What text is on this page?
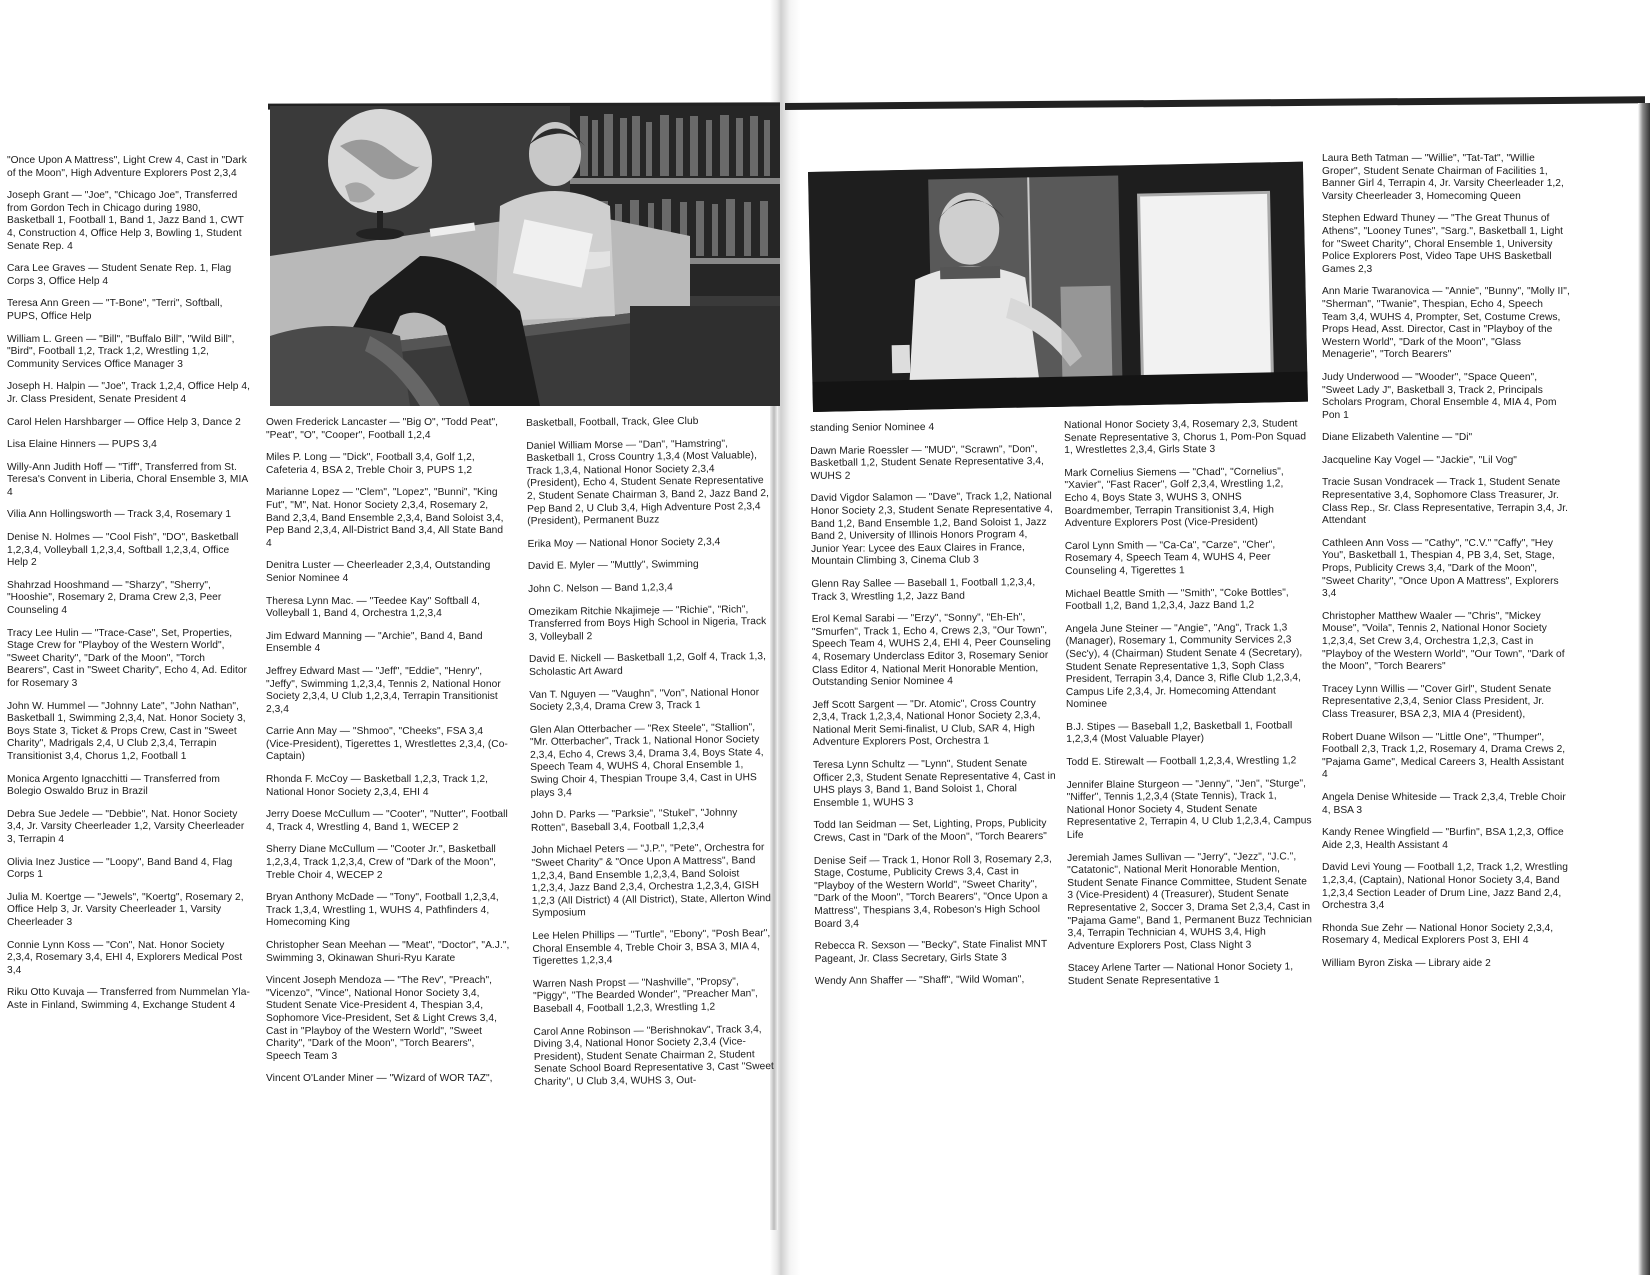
"Once Upon A Mattress", Light Crew 4, Cast in "Dark of the Moon", High Adventure Explorers Post 2,3,4

Joseph Grant — "Joe", "Chicago Joe", Transferred from Gordon Tech in Chicago during 1980, Basketball 1, Football 1, Band 1, Jazz Band 1, CWT 4, Construction 4, Office Help 3, Bowling 1, Student Senate Rep. 4

Cara Lee Graves — Student Senate Rep. 1, Flag Corps 3, Office Help 4

Teresa Ann Green — "T-Bone", "Terri", Softball, PUPS, Office Help

William L. Green — "Bill", "Buffalo Bill", "Wild Bill", "Bird", Football 1,2, Track 1,2, Wrestling 1,2, Community Services Office Manager 3

Joseph H. Halpin — "Joe", Track 1,2,4, Office Help 4, Jr. Class President, Senate President 4

Carol Helen Harshbarger — Office Help 3, Dance 2

Lisa Elaine Hinners — PUPS 3,4

Willy-Ann Judith Hoff — "Tiff", Transferred from St. Teresa's Convent in Liberia, Choral Ensemble 3, MIA 4

Vilia Ann Hollingsworth — Track 3,4, Rosemary 1

Denise N. Holmes — "Cool Fish", "DO", Basketball 1,2,3,4, Volleyball 1,2,3,4, Softball 1,2,3,4, Office Help 2

Shahrzad Hooshmand — "Sharzy", "Sherry", "Hooshie", Rosemary 2, Drama Crew 2,3, Peer Counseling 4

Tracy Lee Hulin — "Trace-Case", Set, Properties, Stage Crew for "Playboy of the Western World", "Sweet Charity", "Dark of the Moon", "Torch Bearers", Cast in "Sweet Charity", Echo 4, Ad. Editor for Rosemary 3

John W. Hummel — "Johnny Late", "John Nathan", Basketball 1, Swimming 2,3,4, Nat. Honor Society 3, Boys State 3, Ticket & Props Crew, Cast in "Sweet Charity", Madrigals 2,4, U Club 2,3,4, Terrapin Transitionist 3,4, Chorus 1,2, Football 1

Monica Argento Ignacchitti — Transferred from Bolegio Oswaldo Bruz in Brazil

Debra Sue Jedele — "Debbie", Nat. Honor Society 3,4, Jr. Varsity Cheerleader 1,2, Varsity Cheerleader 3, Terrapin 4

Olivia Inez Justice — "Loopy", Band Band 4, Flag Corps 1

Julia M. Koertge — "Jewels", "Koertg", Rosemary 2, Office Help 3, Jr. Varsity Cheerleader 1, Varsity Cheerleader 3

Connie Lynn Koss — "Con", Nat. Honor Society 2,3,4, Rosemary 3,4, EHI 4, Explorers Medical Post 3,4

Riku Otto Kuvaja — Transferred from Nummelan Yla-Aste in Finland, Swimming 4, Exchange Student 4

Owen Frederick Lancaster — "Big O", "Todd Peat", "Peat", "O", "Cooper", Football 1,2,4

Miles P. Long — "Dick", Football 3,4, Golf 1,2, Cafeteria 4, BSA 2, Treble Choir 3, PUPS 1,2

Marianne Lopez — "Clem", "Lopez", "Bunni", "King Fut", "M", Nat. Honor Society 2,3,4, Rosemary 2, Band 2,3,4, Band Ensemble 2,3,4, Band Soloist 3,4, Pep Band 2,3,4, All-District Band 3,4, All State Band 4

Denitra Luster — Cheerleader 2,3,4, Outstanding Senior Nominee 4

Theresa Lynn Mac. — "Teedee Kay" Softball 4, Volleyball 1, Band 4, Orchestra 1,2,3,4

Jim Edward Manning — "Archie", Band 4, Band Ensemble 4

Jeffrey Edward Mast — "Jeff", "Eddie", "Henry", "Jeffy", Swimming 1,2,3,4, Tennis 2, National Honor Society 2,3,4, U Club 1,2,3,4, Terrapin Transitionist 2,3,4

Carrie Ann May — "Shmoo", "Cheeks", FSA 3,4 (Vice-President), Tigerettes 1, Wrestlettes 2,3,4, (Co-Captain)

Rhonda F. McCoy — Basketball 1,2,3, Track 1,2, National Honor Society 2,3,4, EHI 4

Jerry Doese McCullum — "Cooter", "Nutter", Football 4, Track 4, Wrestling 4, Band 1, WECEP 2

Sherry Diane McCullum — "Cooter Jr.", Basketball 1,2,3,4, Track 1,2,3,4, Crew of "Dark of the Moon", Treble Choir 4, WECEP 2

Bryan Anthony McDade — "Tony", Football 1,2,3,4, Track 1,3,4, Wrestling 1, WUHS 4, Pathfinders 4, Homecoming King

Christopher Sean Meehan — "Meat", "Doctor", "A.J.", Swimming 3, Okinawan Shuri-Ryu Karate

Vincent Joseph Mendoza — "The Rev", "Preach", "Vicenzo", "Vince", National Honor Society 3,4, Student Senate Vice-President 4, Thespian 3,4, Sophomore Vice-President, Set & Light Crews 3,4, Cast in "Playboy of the Western World", "Sweet Charity", "Dark of the Moon", "Torch Bearers", Speech Team 3

Vincent O'Lander Miner — "Wizard of WOR TAZ",

Basketball, Football, Track, Glee Club

Daniel William Morse — "Dan", "Hamstring", Basketball 1, Cross Country 1,3,4 (Most Valuable), Track 1,3,4, National Honor Society 2,3,4 (President), Echo 4, Student Senate Representative 2, Student Senate Chairman 3, Band 2, Jazz Band 2, Pep Band 2, U Club 3,4, High Adventure Post 2,3,4 (President), Permanent Buzz

Erika Moy — National Honor Society 2,3,4

David E. Myler — "Muttly", Swimming

John C. Nelson — Band 1,2,3,4

Omezikam Ritchie Nkajimeje — "Richie", "Rich", Transferred from Boys High School in Nigeria, Track 3, Volleyball 2

David E. Nickell — Basketball 1,2, Golf 4, Track 1,3, Scholastic Art Award

Van T. Nguyen — "Vaughn", "Von", National Honor Society 2,3,4, Drama Crew 3, Track 1

Glen Alan Otterbacher — "Rex Steele", "Stallion", "Mr. Otterbacher", Track 1, National Honor Society 2,3,4, Echo 4, Crews 3,4, Drama 3,4, Boys State 4, Speech Team 4, WUHS 4, Choral Ensemble 1, Swing Choir 4, Thespian Troupe 3,4, Cast in UHS plays 3,4

John D. Parks — "Parksie", "Stukel", "Johnny Rotten", Baseball 3,4, Football 1,2,3,4

John Michael Peters — "J.P.", "Pete", Orchestra for "Sweet Charity" & "Once Upon A Mattress", Band 1,2,3,4, Band Ensemble 1,2,3,4, Band Soloist 1,2,3,4, Jazz Band 2,3,4, Orchestra 1,2,3,4, GISH 1,2,3 (All District) 4 (All District), State, Allerton Wind Symposium

Lee Helen Phillips — "Turtle", "Ebony", "Posh Bear", Choral Ensemble 4, Treble Choir 3, BSA 3, MIA 4, Tigerettes 1,2,3,4

Warren Nash Propst — "Nashville", "Propsy", "Piggy", "The Bearded Wonder", "Preacher Man", Baseball 4, Football 1,2,3, Wrestling 1,2

Carol Anne Robinson — "Berishnokav", Track 3,4, Diving 3,4, National Honor Society 2,3,4 (Vice-President), Student Senate Chairman 2, Student Senate School Board Representative 3, Cast "Sweet Charity", U Club 3,4, WUHS 3, Out-

standing Senior Nominee 4

Dawn Marie Roessler — "MUD", "Scrawn", "Don", Basketball 1,2, Student Senate Representative 3,4, WUHS 2

David Vigdor Salamon — "Dave", Track 1,2, National Honor Society 2,3, Student Senate Representative 4, Band 1,2, Band Ensemble 1,2, Band Soloist 1, Jazz Band 2, University of Illinois Honors Program 4, Junior Year: Lycee des Eaux Claires in France, Mountain Climbing 3, Cinema Club 3

Glenn Ray Sallee — Baseball 1, Football 1,2,3,4, Track 3, Wrestling 1,2, Jazz Band

Erol Kemal Sarabi — "Erzy", "Sonny", "Eh-Eh", "Smurfen", Track 1, Echo 4, Crews 2,3, "Our Town", Speech Team 4, WUHS 2,4, EHI 4, Peer Counseling 4, Rosemary Underclass Editor 3, Rosemary Senior Class Editor 4, National Merit Honorable Mention, Outstanding Senior Nominee 4

Jeff Scott Sargent — "Dr. Atomic", Cross Country 2,3,4, Track 1,2,3,4, National Honor Society 2,3,4, National Merit Semi-finalist, U Club, SAR 4, High Adventure Explorers Post, Orchestra 1

Teresa Lynn Schultz — "Lynn", Student Senate Officer 2,3, Student Senate Representative 4, Cast in UHS plays 3, Band 1, Band Soloist 1, Choral Ensemble 1, WUHS 3

Todd Ian Seidman — Set, Lighting, Props, Publicity Crews, Cast in "Dark of the Moon", "Torch Bearers"

Denise Seif — Track 1, Honor Roll 3, Rosemary 2,3, Stage, Costume, Publicity Crews 3,4, Cast in "Playboy of the Western World", "Sweet Charity", "Dark of the Moon", "Torch Bearers", "Once Upon a Mattress", Thespians 3,4, Robeson's High School Board 3,4

Rebecca R. Sexson — "Becky", State Finalist MNT Pageant, Jr. Class Secretary, Girls State 3

Wendy Ann Shaffer — "Shaff", "Wild Woman",

National Honor Society 3,4, Rosemary 2,3, Student Senate Representative 3, Chorus 1, Pom-Pon Squad 1, Wrestlettes 2,3,4, Girls State 3

Mark Cornelius Siemens — "Chad", "Cornelius", "Xavier", "Fast Racer", Golf 2,3,4, Wrestling 1,2, Echo 4, Boys State 3, WUHS 3, ONHS Boardmember, Terrapin Transitionist 3,4, High Adventure Explorers Post (Vice-President)

Carol Lynn Smith — "Ca-Ca", "Carze", "Cher", Rosemary 4, Speech Team 4, WUHS 4, Peer Counseling 4, Tigerettes 1

Michael Beattle Smith — "Smith", "Coke Bottles", Football 1,2, Band 1,2,3,4, Jazz Band 1,2

Angela June Steiner — "Angie", "Ang", Track 1,3 (Manager), Rosemary 1, Community Services 2,3 (Sec'y), 4 (Chairman) Student Senate 4 (Secretary), Student Senate Representative 1,3, Soph Class President, Terrapin 3,4, Dance 3, Rifle Club 1,2,3,4, Campus Life 2,3,4, Jr. Homecoming Attendant Nominee

B.J. Stipes — Baseball 1,2, Basketball 1, Football 1,2,3,4 (Most Valuable Player)

Todd E. Stirewalt — Football 1,2,3,4, Wrestling 1,2

Jennifer Blaine Sturgeon — "Jenny", "Jen", "Sturge", "Niffer", Tennis 1,2,3,4 (State Tennis), Track 1, National Honor Society 4, Student Senate Representative 2, Terrapin 4, U Club 1,2,3,4, Campus Life

Jeremiah James Sullivan — "Jerry", "Jezz", "J.C.", "Catatonic", National Merit Honorable Mention, Student Senate Finance Committee, Student Senate 3 (Vice-President) 4 (Treasurer), Student Senate Representative 2, Soccer 3, Drama Set 2,3,4, Cast in "Pajama Game", Band 1, Permanent Buzz Technician 3,4, Terrapin Technician 4, WUHS 3,4, High Adventure Explorers Post, Class Night 3

Stacey Arlene Tarter — National Honor Society 1, Student Senate Representative 1

Laura Beth Tatman — "Willie", "Tat-Tat", "Willie Groper", Student Senate Chairman of Facilities 1, Banner Girl 4, Terrapin 4, Jr. Varsity Cheerleader 1,2, Varsity Cheerleader 3, Homecoming Queen

Stephen Edward Thuney — "The Great Thunus of Athens", "Looney Tunes", "Sarg.", Basketball 1, Light for "Sweet Charity", Choral Ensemble 1, University Police Explorers Post, Video Tape UHS Basketball Games 2,3

Ann Marie Twaranovica — "Annie", "Bunny", "Molly II", "Sherman", "Twanie", Thespian, Echo 4, Speech Team 3,4, WUHS 4, Prompter, Set, Costume Crews, Props Head, Asst. Director, Cast in "Playboy of the Western World", "Dark of the Moon", "Glass Menagerie", "Torch Bearers"

Judy Underwood — "Wooder", "Space Queen", "Sweet Lady J", Basketball 3, Track 2, Principals Scholars Program, Choral Ensemble 4, MIA 4, Pom Pon 1

Diane Elizabeth Valentine — "Di"

Jacqueline Kay Vogel — "Jackie", "Lil Vog"

Tracie Susan Vondracek — Track 1, Student Senate Representative 3,4, Sophomore Class Treasurer, Jr. Class Rep., Sr. Class Representative, Terrapin 3,4, Jr. Attendant

Cathleen Ann Voss — "Cathy", "C.V." "Caffy", "Hey You", Basketball 1, Thespian 4, PB 3,4, Set, Stage, Props, Publicity Crews 3,4, "Dark of the Moon", "Sweet Charity", "Once Upon A Mattress", Explorers 3,4

Christopher Matthew Waaler — "Chris", "Mickey Mouse", "Voila", Tennis 2, National Honor Society 1,2,3,4, Set Crew 3,4, Orchestra 1,2,3, Cast in "Playboy of the Western World", "Our Town", "Dark of the Moon", "Torch Bearers"

Tracey Lynn Willis — "Cover Girl", Student Senate Representative 2,3,4, Senior Class President, Jr. Class Treasurer, BSA 2,3, MIA 4 (President),

Robert Duane Wilson — "Little One", "Thumper", Football 2,3, Track 1,2, Rosemary 4, Drama Crews 2, "Pajama Game", Medical Careers 3, Health Assistant 4

Angela Denise Whiteside — Track 2,3,4, Treble Choir 4, BSA 3

Kandy Renee Wingfield — "Burfin", BSA 1,2,3, Office Aide 2,3, Health Assistant 4

David Levi Young — Football 1,2, Track 1,2, Wrestling 1,2,3,4, (Captain), National Honor Society 3,4, Band 1,2,3,4 Section Leader of Drum Line, Jazz Band 2,4, Orchestra 3,4

Rhonda Sue Zehr — National Honor Society 2,3,4, Rosemary 4, Medical Explorers Post 3, EHI 4

William Byron Ziska — Library aide 2
